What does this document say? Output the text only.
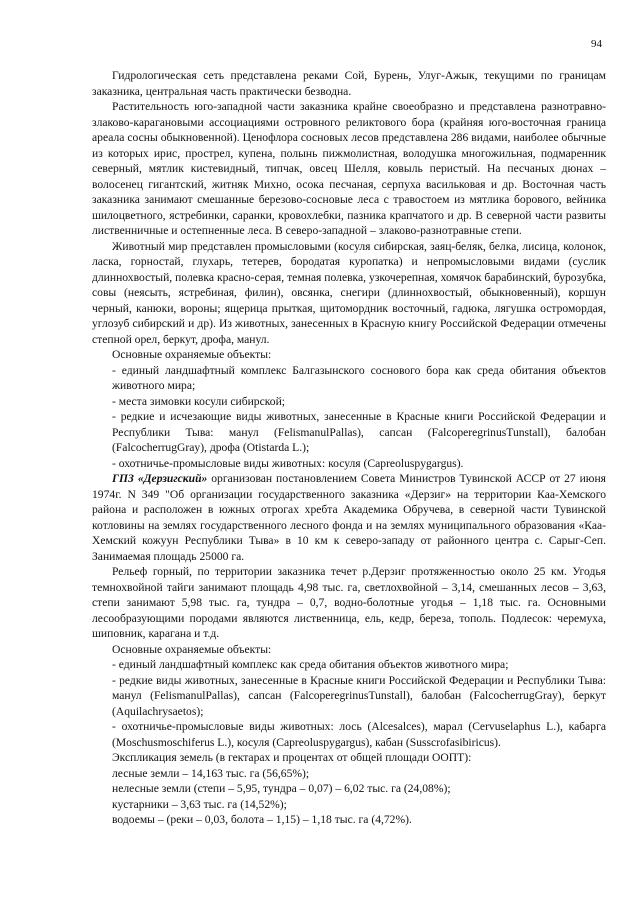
94

Гидрологическая сеть представлена реками Сой, Бурень, Улуг-Ажык, текущими по границам заказника, центральная часть практически безводна.

Растительность юго-западной части заказника крайне своеобразно и представлена разнотравно-злаково-карагановыми ассоциациями островного реликтового бора (крайняя юго-восточная граница ареала сосны обыкновенной). Ценофлора сосновых лесов представлена 286 видами, наиболее обычные из которых ирис, прострел, купена, полынь пижмолистная, володушка многожильная, подмаренник северный, мятлик кистевидный, типчак, овсец Шелля, ковыль перистый. На песчаных дюнах – волосенец гигантский, житняк Михно, осока песчаная, серпуха васильковая и др. Восточная часть заказника занимают смешанные березово-сосновые леса с травостоем из мятлика борового, вейника шилоцветного, ястребинки, саранки, кровохлебки, пазника крапчатого и др. В северной части развиты лиственничные и остепненные леса. В северо-западной – злаково-разнотравные степи.

Животный мир представлен промысловыми (косуля сибирская, заяц-беляк, белка, лисица, колонок, ласка, горностай, глухарь, тетерев, бородатая куропатка) и непромысловыми видами (суслик длиннохвостый, полевка красно-серая, темная полевка, узкочерепная, хомячок барабинский, бурозубка, совы (неясыть, ястребиная, филин), овсянка, снегири (длиннохвостый, обыкновенный), коршун черный, канюки, вороны; ящерица прыткая, щитомордник восточный, гадюка, лягушка остромордая, углозуб сибирский и др). Из животных, занесенных в Красную книгу Российской Федерации отмечены степной орел, беркут, дрофа, манул.

Основные охраняемые объекты:

- единый ландшафтный комплекс Балгазынского соснового бора как среда обитания объектов животного мира;

- места зимовки косули сибирской;

- редкие и исчезающие виды животных, занесенные в Красные книги Российской Федерации и Республики Тыва: манул (FelismanulPallas), сапсан (FalcoperegrinusTunstall), балобан (FalcocherrugGray), дрофа (Otistarda L.);

- охотничье-промысловые виды животных: косуля (Capreoluspygargus).

ГПЗ «Дерзигский» организован постановлением Совета Министров Тувинской АССР от 27 июня 1974г. N 349 "Об организации государственного заказника «Дерзиг» на территории Каа-Хемского района и расположен в южных отрогах хребта Академика Обручева, в северной части Тувинской котловины на землях государственного лесного фонда и на землях муниципального образования «Каа-Хемский кожуун Республики Тыва» в 10 км к северо-западу от районного центра с. Сарыг-Сеп. Занимаемая площадь 25000 га.

Рельеф горный, по территории заказника течет р.Дерзиг протяженностью около 25 км. Угодья темнохвойной тайги занимают площадь 4,98 тыс. га, светлохвойной – 3,14, смешанных лесов – 3,63, степи занимают 5,98 тыс. га, тундра – 0,7, водно-болотные угодья – 1,18 тыс. га. Основными лесообразующими породами являются лиственница, ель, кедр, береза, тополь. Подлесок: черемуха, шиповник, карагана и т.д.

Основные охраняемые объекты:

- единый ландшафтный комплекс как среда обитания объектов животного мира;

- редкие виды животных, занесенные в Красные книги Российской Федерации и Республики Тыва: манул (FelismanulPallas), сапсан (FalcoperegrinusTunstall), балобан (FalcocherrugGray), беркут (Aquilachrysaetos);

- охотничье-промысловые виды животных: лось (Alcesalces), марал (Cervuselaphus L.), кабарга (Moschusmoschiferus L.), косуля (Capreoluspygargus), кабан (Susscrofasibiricus).

Экспликация земель (в гектарах и процентах от общей площади ООПТ):

лесные земли – 14,163 тыс. га (56,65%);

нелесные земли (степи – 5,95, тундра – 0,07) – 6,02 тыс. га (24,08%);

кустарники – 3,63 тыс. га (14,52%);

водоемы – (реки – 0,03, болота – 1,15) – 1,18 тыс. га (4,72%).
